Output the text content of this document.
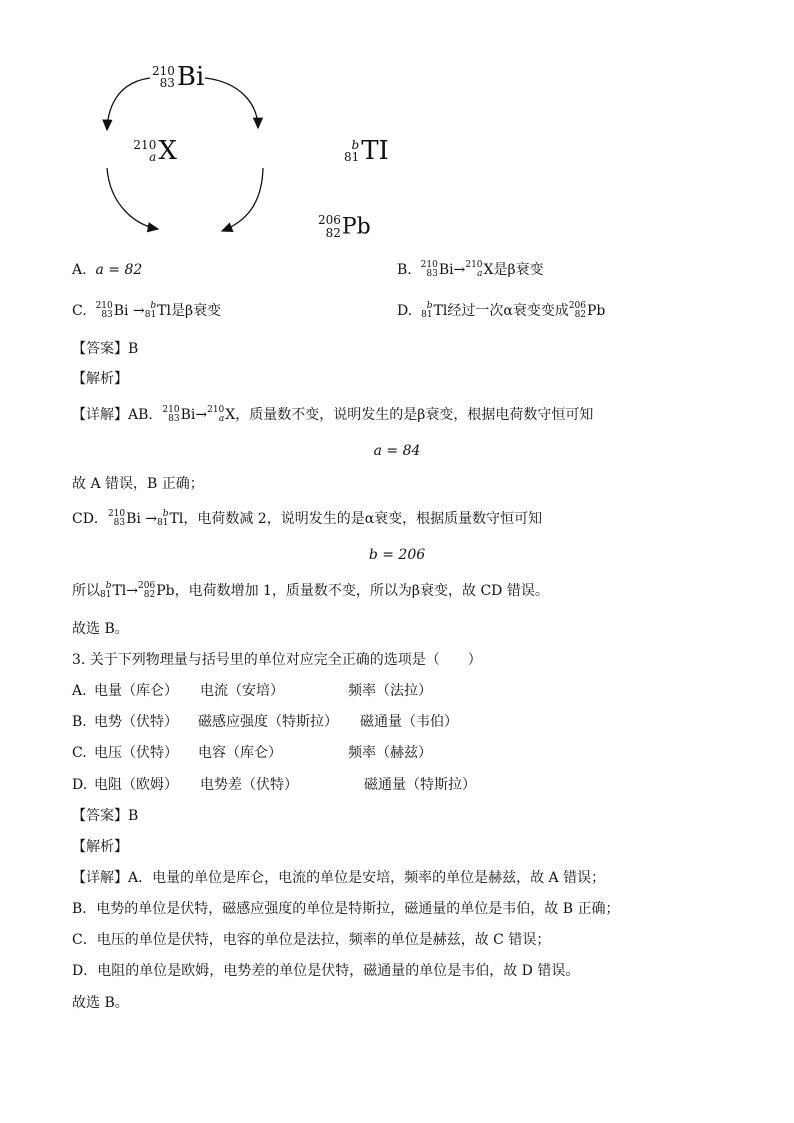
210
83 Bi
210
a X	b
81 TI
206
82 Pb
A. a = 82	B. 210
83 Bi→ 210
a X是β衰变
C. 210
83 Bi → b
81 Tl是β衰变	D. b
81 Tl经过一次α衰变变成 206
82 Pb
【答案】B
【解析】
【详解】AB． 210
83 Bi→ 210
a X，质量数不变，说明发生的是β衰变，根据电荷数守恒可知
a = 84
故 A 错误，B 正确；
CD． 210
83 Bi → b
81 Tl，电荷数减 2，说明发生的是α衰变，根据质量数守恒可知
b = 206
所以 b
81 Tl→ 206
82 Pb，电荷数增加 1，质量数不变，所以为β衰变，故 CD 错误。
故选 B。
3. 关于下列物理量与括号里的单位对应完全正确的选项是（　　）
A. 电量（库仑） 电流（安培）	频率（法拉）
B. 电势（伏特） 磁感应强度（特斯拉） 磁通量（韦伯）
C. 电压（伏特） 电容（库仑）	频率（赫兹）
D. 电阻（欧姆） 电势差（伏特）	磁通量（特斯拉）
【答案】B
【解析】
【详解】A．电量的单位是库仑，电流的单位是安培，频率的单位是赫兹，故 A 错误；
B．电势的单位是伏特，磁感应强度的单位是特斯拉，磁通量的单位是韦伯，故 B 正确；
C．电压的单位是伏特，电容的单位是法拉，频率的单位是赫兹，故 C 错误；
D．电阻的单位是欧姆，电势差的单位是伏特，磁通量的单位是韦伯，故 D 错误。
故选 B。
